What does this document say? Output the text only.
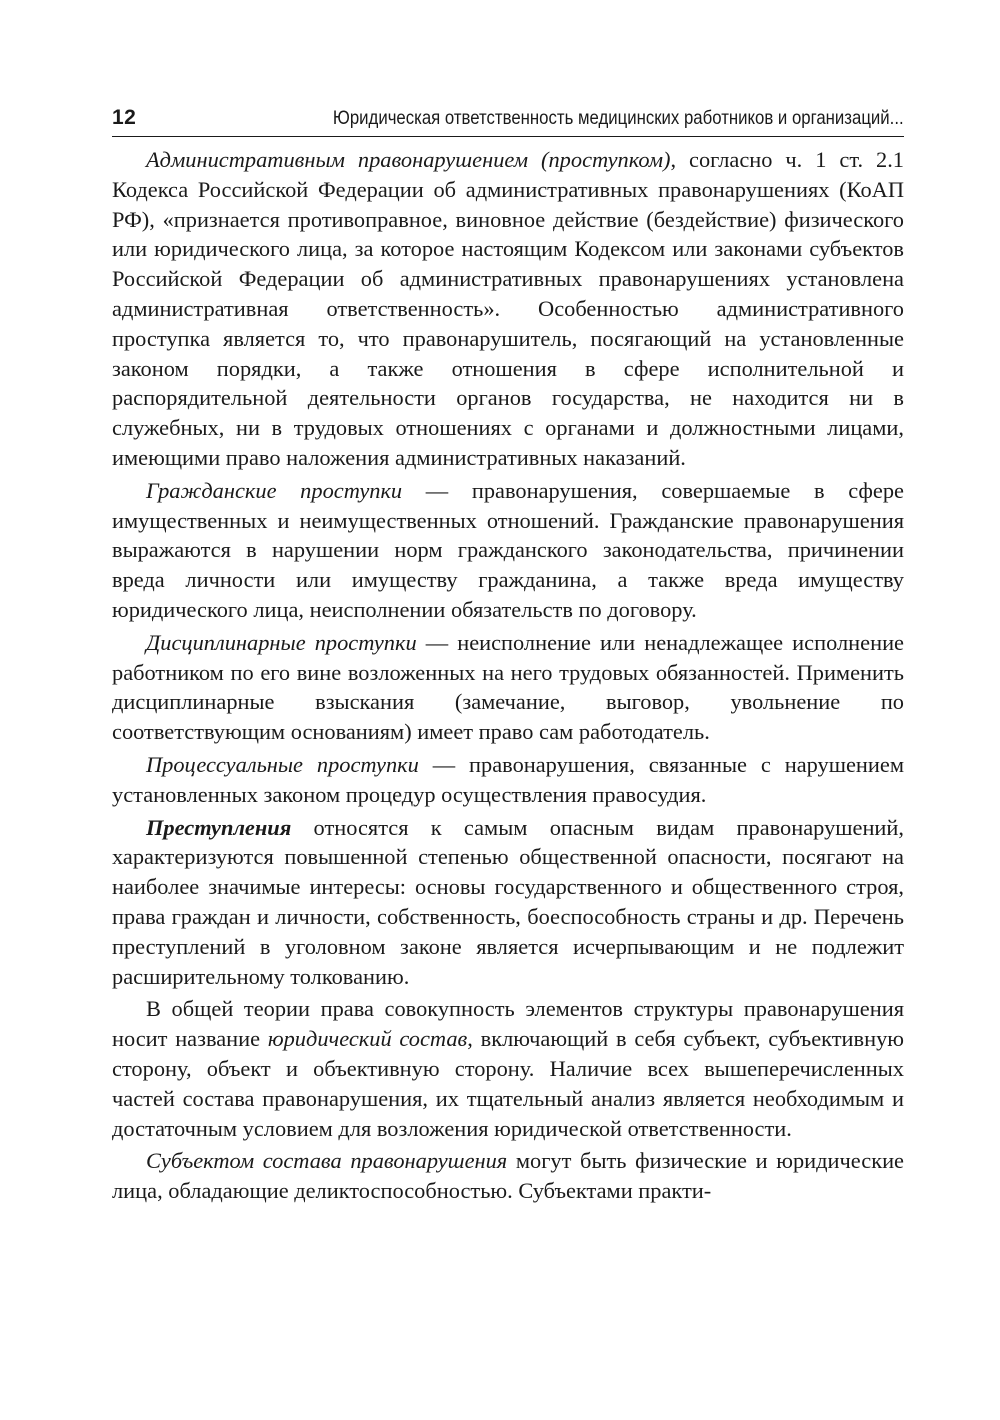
12	Юридическая ответственность медицинских работников и организаций...

Административным правонарушением (проступком), согласно ч. 1 ст. 2.1 Кодекса Российской Федерации об административных правонарушениях (КоАП РФ), «признается противоправное, виновное действие (бездействие) физического или юридического лица, за которое настоящим Кодексом или законами субъектов Российской Федерации об административных правонарушениях установлена административная ответственность». Особенностью административного проступка является то, что правонарушитель, посягающий на установленные законом порядки, а также отношения в сфере исполнительной и распорядительной деятельности органов государства, не находится ни в служебных, ни в трудовых отношениях с органами и должностными лицами, имеющими право наложения административных наказаний.

Гражданские проступки — правонарушения, совершаемые в сфере имущественных и неимущественных отношений. Гражданские правонарушения выражаются в нарушении норм гражданского законодательства, причинении вреда личности или имуществу гражданина, а также вреда имуществу юридического лица, неисполнении обязательств по договору.

Дисциплинарные проступки — неисполнение или ненадлежащее исполнение работником по его вине возложенных на него трудовых обязанностей. Применить дисциплинарные взыскания (замечание, выговор, увольнение по соответствующим основаниям) имеет право сам работодатель.

Процессуальные проступки — правонарушения, связанные с нарушением установленных законом процедур осуществления правосудия.

Преступления относятся к самым опасным видам правонарушений, характеризуются повышенной степенью общественной опасности, посягают на наиболее значимые интересы: основы государственного и общественного строя, права граждан и личности, собственность, боеспособность страны и др. Перечень преступлений в уголовном законе является исчерпывающим и не подлежит расширительному толкованию.

В общей теории права совокупность элементов структуры правонарушения носит название юридический состав, включающий в себя субъект, субъективную сторону, объект и объективную сторону. Наличие всех вышеперечисленных частей состава правонарушения, их тщательный анализ является необходимым и достаточным условием для возложения юридической ответственности.

Субъектом состава правонарушения могут быть физические и юридические лица, обладающие деликтоспособностью. Субъектами практи-
